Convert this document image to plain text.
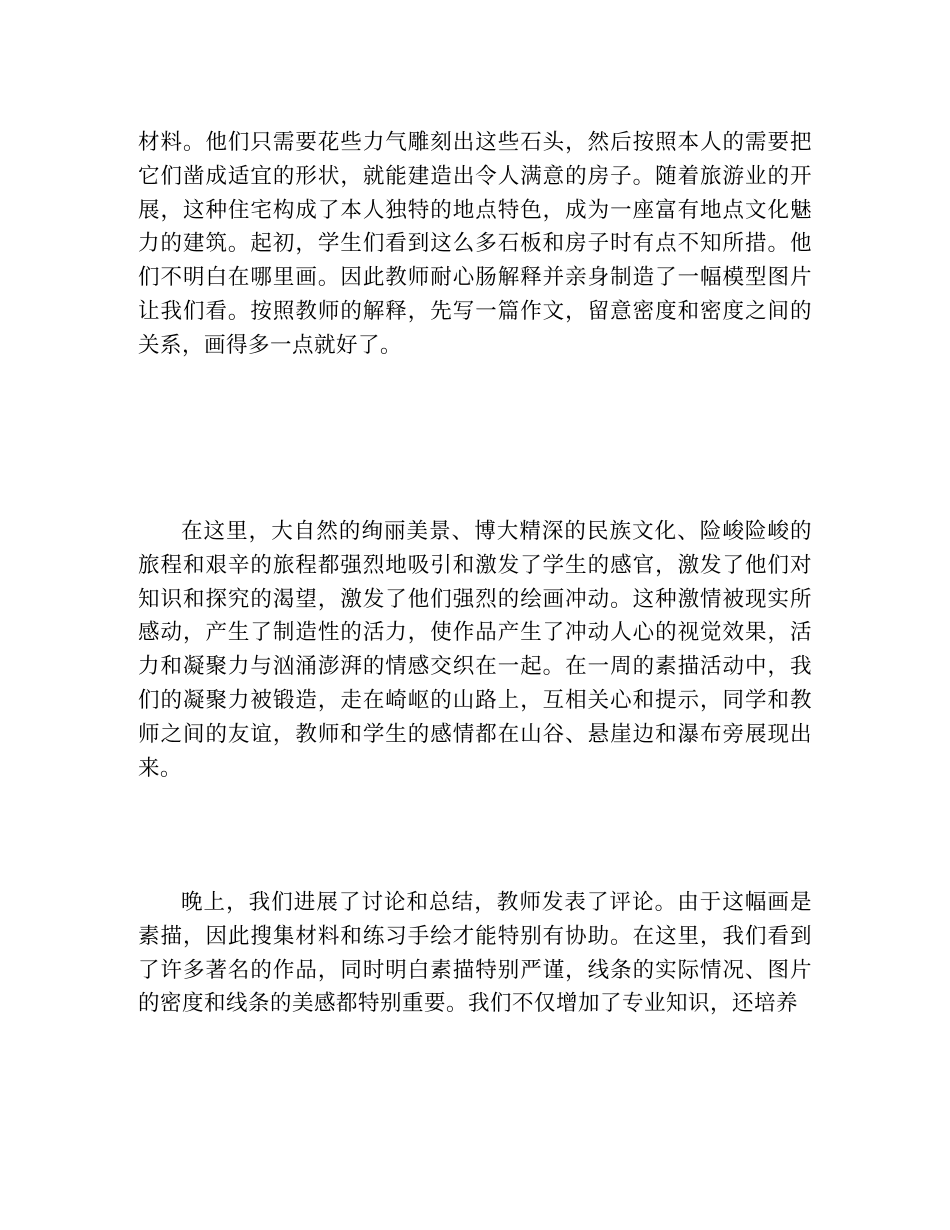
材料。他们只需要花些力气雕刻出这些石头，然后按照本人的需要把它们凿成适宜的形状，就能建造出令人满意的房子。随着旅游业的开展，这种住宅构成了本人独特的地点特色，成为一座富有地点文化魅力的建筑。起初，学生们看到这么多石板和房子时有点不知所措。他们不明白在哪里画。因此教师耐心肠解释并亲身制造了一幅模型图片让我们看。按照教师的解释，先写一篇作文，留意密度和密度之间的关系，画得多一点就好了。

在这里，大自然的绚丽美景、博大精深的民族文化、险峻险峻的旅程和艰辛的旅程都强烈地吸引和激发了学生的感官，激发了他们对知识和探究的渴望，激发了他们强烈的绘画冲动。这种激情被现实所感动，产生了制造性的活力，使作品产生了冲动人心的视觉效果，活力和凝聚力与汹涌澎湃的情感交织在一起。在一周的素描活动中，我们的凝聚力被锻造，走在崎岖的山路上，互相关心和提示，同学和教师之间的友谊，教师和学生的感情都在山谷、悬崖边和瀑布旁展现出来。

晚上，我们进展了讨论和总结，教师发表了评论。由于这幅画是素描，因此搜集材料和练习手绘才能特别有协助。在这里，我们看到了许多著名的作品，同时明白素描特别严谨，线条的实际情况、图片的密度和线条的美感都特别重要。我们不仅增加了专业知识，还培养
